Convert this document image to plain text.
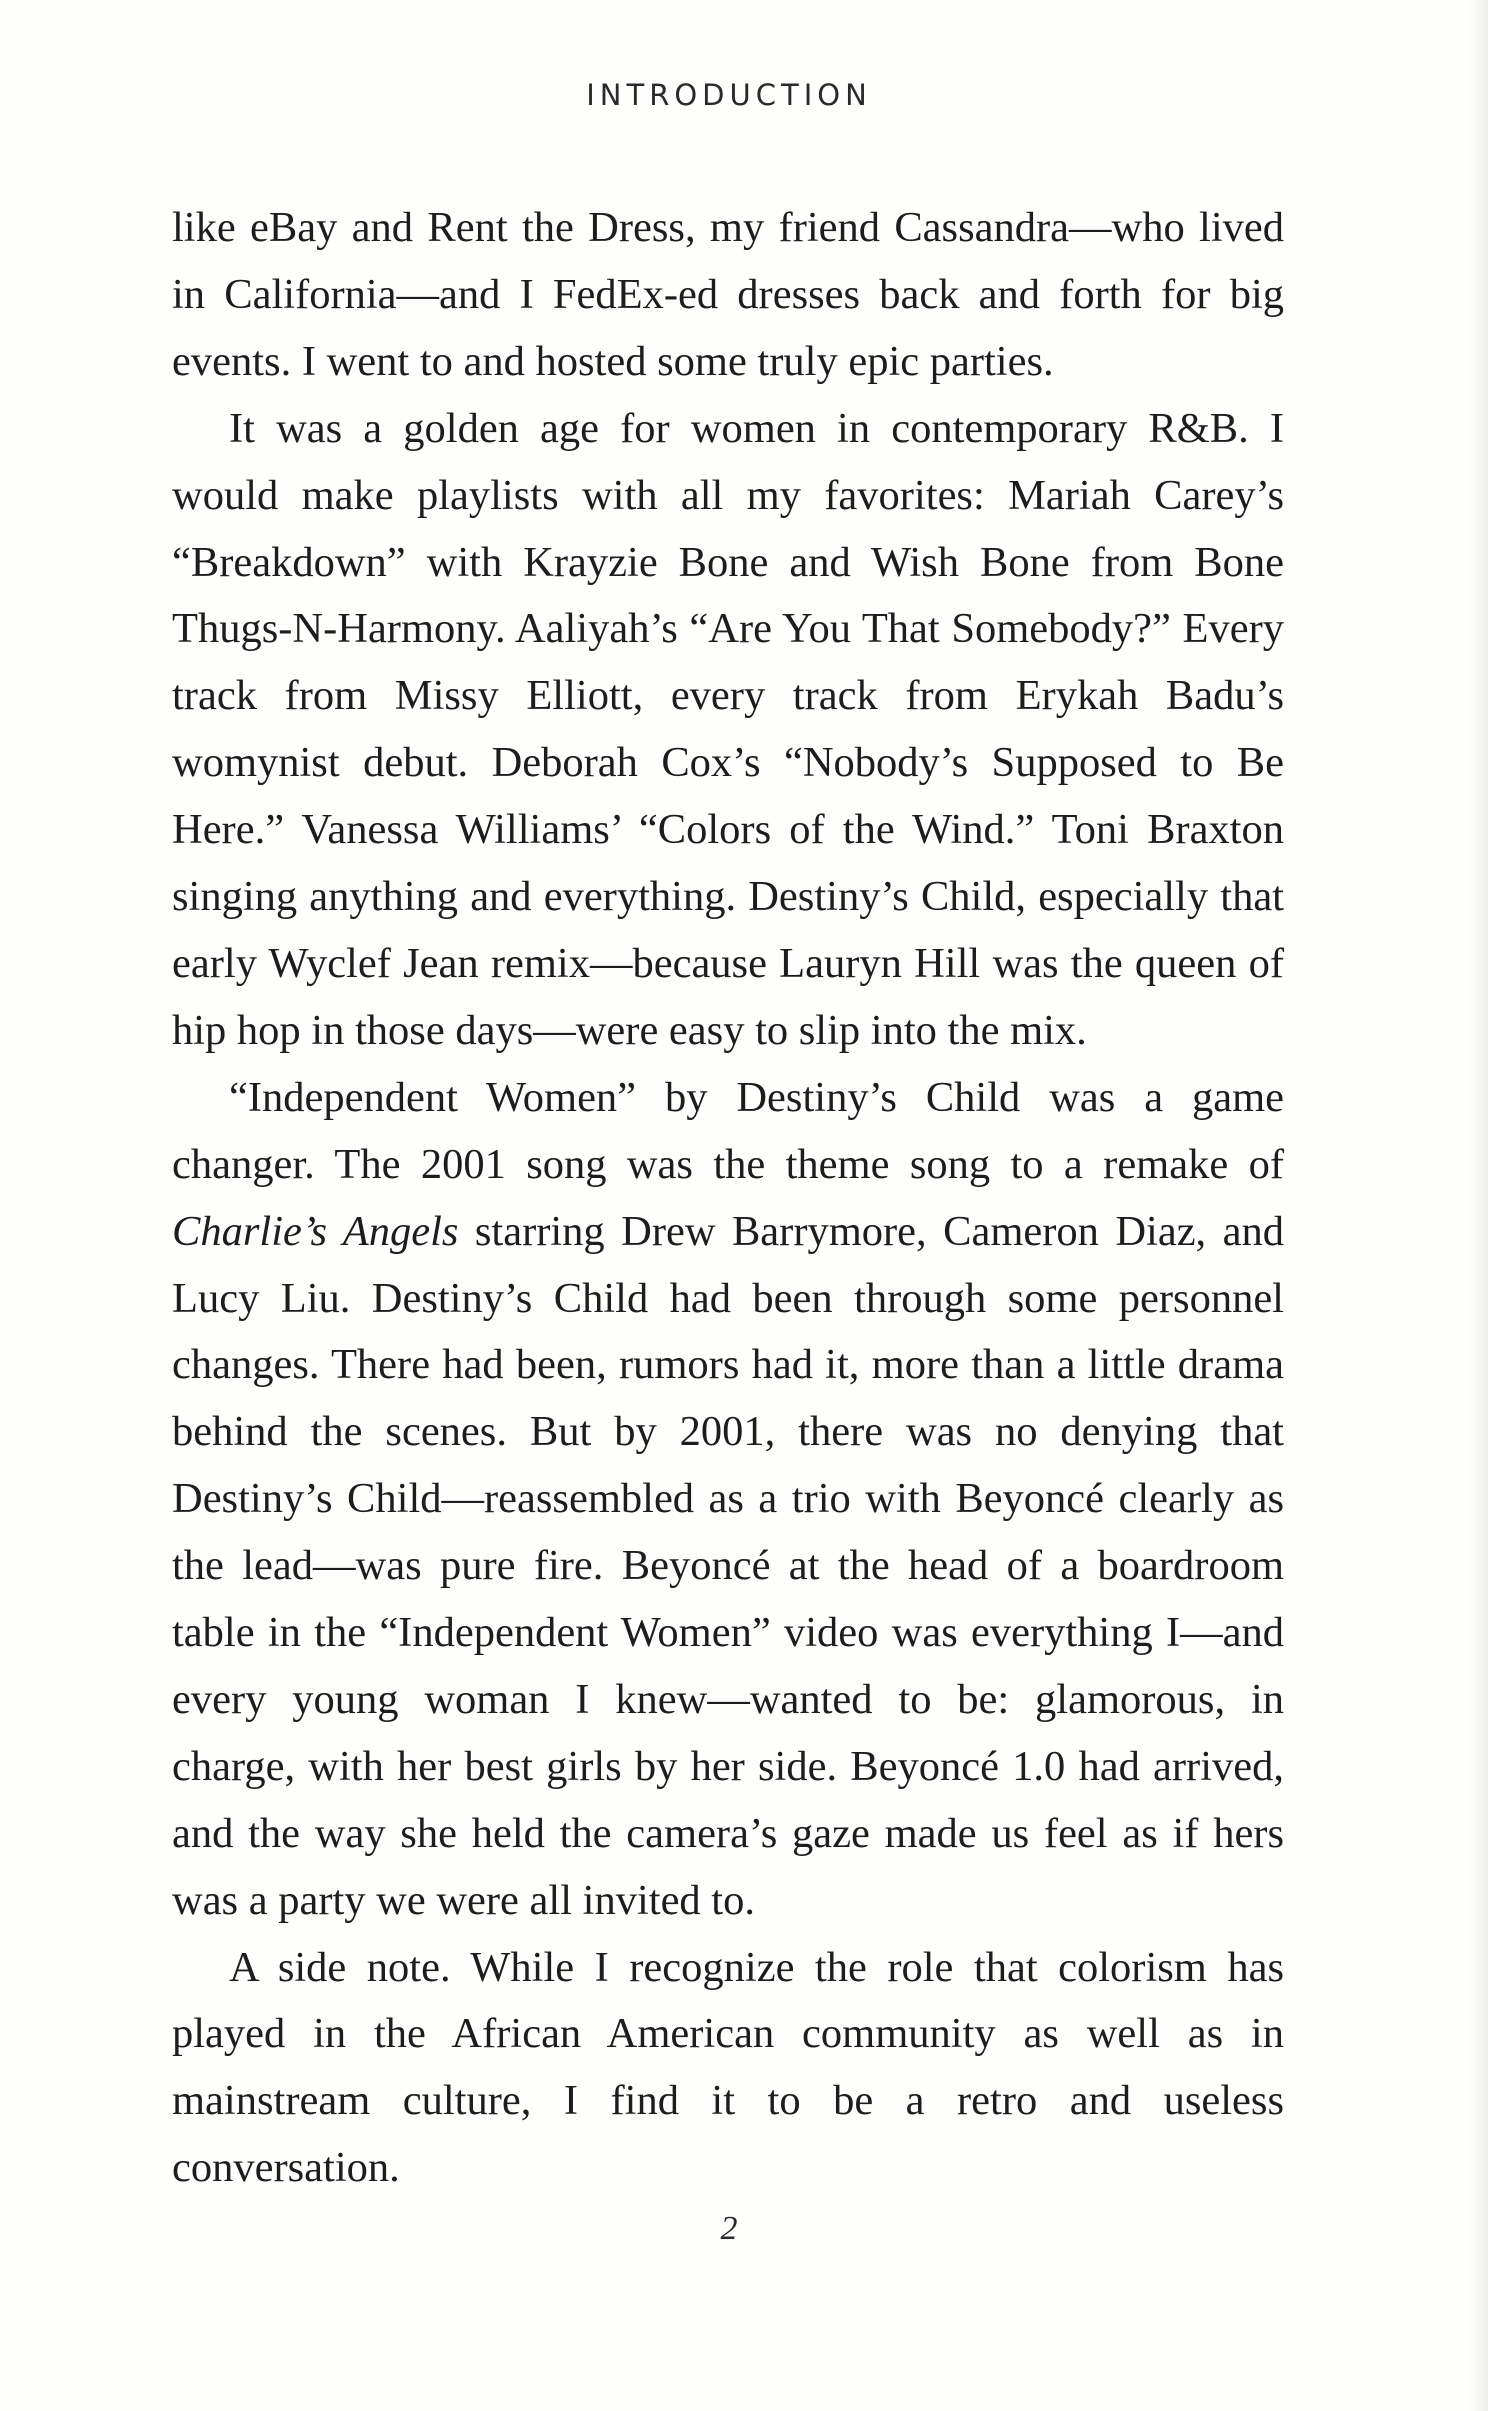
INTRODUCTION

like eBay and Rent the Dress, my friend Cassandra—who lived in California—and I FedEx-ed dresses back and forth for big events. I went to and hosted some truly epic parties.

It was a golden age for women in contemporary R&B. I would make playlists with all my favorites: Mariah Carey’s “Breakdown” with Krayzie Bone and Wish Bone from Bone Thugs-N-Harmony. Aaliyah’s “Are You That Somebody?” Every track from Missy Elliott, every track from Erykah Badu’s womynist debut. Deborah Cox’s “Nobody’s Supposed to Be Here.” Vanessa Williams’ “Colors of the Wind.” Toni Braxton singing anything and everything. Destiny’s Child, especially that early Wyclef Jean remix—because Lauryn Hill was the queen of hip hop in those days—were easy to slip into the mix.

“Independent Women” by Destiny’s Child was a game changer. The 2001 song was the theme song to a remake of Charlie’s Angels starring Drew Barrymore, Cameron Diaz, and Lucy Liu. Destiny’s Child had been through some personnel changes. There had been, rumors had it, more than a little drama behind the scenes. But by 2001, there was no denying that Destiny’s Child—reassembled as a trio with Beyoncé clearly as the lead—was pure fire. Beyoncé at the head of a boardroom table in the “Independent Women” video was everything I—and every young woman I knew—wanted to be: glamorous, in charge, with her best girls by her side. Beyoncé 1.0 had arrived, and the way she held the camera’s gaze made us feel as if hers was a party we were all invited to.

A side note. While I recognize the role that colorism has played in the African American community as well as in mainstream culture, I find it to be a retro and useless conversation.

2
